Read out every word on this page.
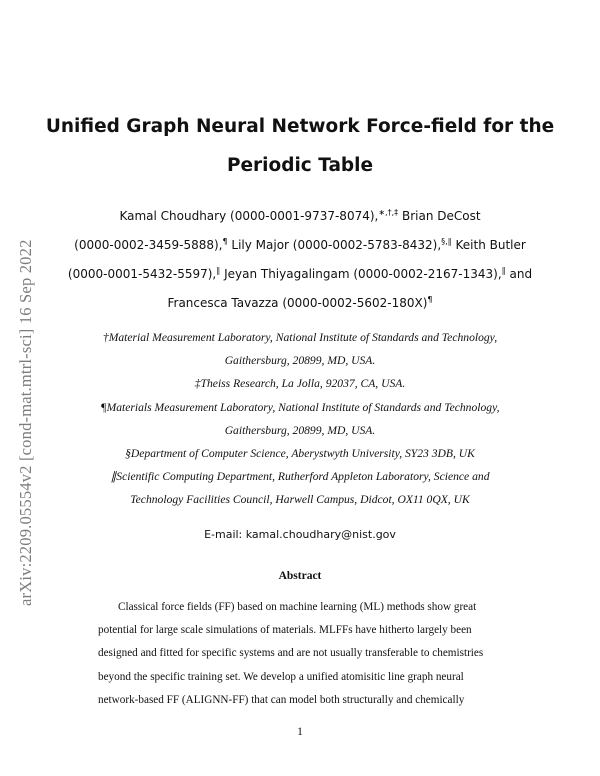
arXiv:2209.05554v2 [cond-mat.mtrl-sci] 16 Sep 2022
Unified Graph Neural Network Force-field for the
Periodic Table
Kamal Choudhary (0000-0001-9737-8074),∗,†,‡ Brian DeCost
(0000-0002-3459-5888),¶ Lily Major (0000-0002-5783-8432),§,∥ Keith Butler
(0000-0001-5432-5597),∥ Jeyan Thiyagalingam (0000-0002-2167-1343),∥ and
Francesca Tavazza (0000-0002-5602-180X)¶
†Material Measurement Laboratory, National Institute of Standards and Technology,
Gaithersburg, 20899, MD, USA.
‡Theiss Research, La Jolla, 92037, CA, USA.
¶Materials Measurement Laboratory, National Institute of Standards and Technology,
Gaithersburg, 20899, MD, USA.
§Department of Computer Science, Aberystwyth University, SY23 3DB, UK
∥Scientific Computing Department, Rutherford Appleton Laboratory, Science and
Technology Facilities Council, Harwell Campus, Didcot, OX11 0QX, UK
E-mail: kamal.choudhary@nist.gov
Abstract
Classical force fields (FF) based on machine learning (ML) methods show great
potential for large scale simulations of materials. MLFFs have hitherto largely been
designed and fitted for specific systems and are not usually transferable to chemistries
beyond the specific training set. We develop a unified atomisitic line graph neural
network-based FF (ALIGNN-FF) that can model both structurally and chemically
1
